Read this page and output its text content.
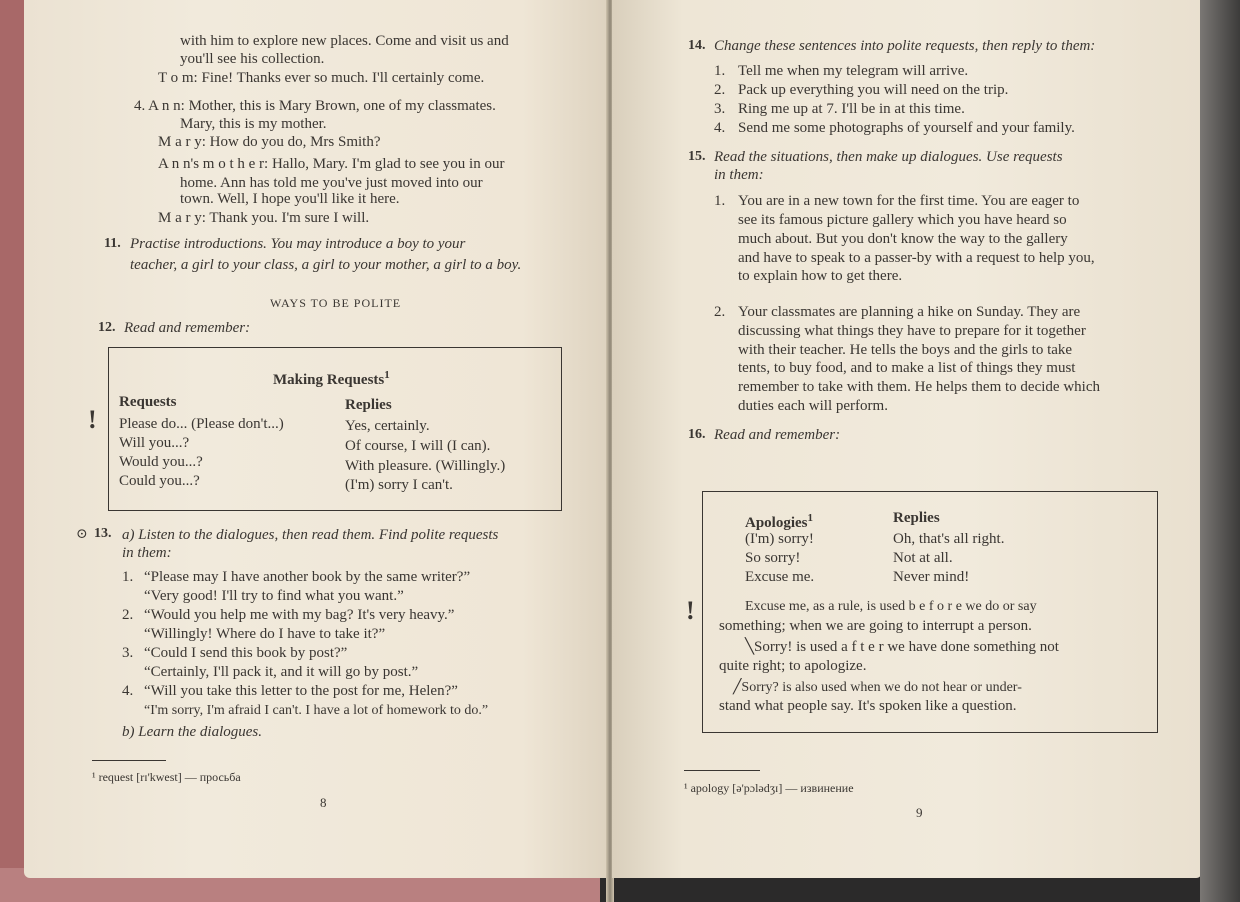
with him to explore new places. Come and visit us and
you'll see his collection.
T o m: Fine! Thanks ever so much. I'll certainly come.
4. A n n: Mother, this is Mary Brown, one of my classmates.
Mary, this is my mother.
M a r y: How do you do, Mrs Smith?
A n n's m o t h e r: Hallo, Mary. I'm glad to see you in our
home. Ann has told me you've just moved into our
town. Well, I hope you'll like it here.
M a r y: Thank you. I'm sure I will.
11. Practise introductions. You may introduce a boy to your
teacher, a girl to your class, a girl to your mother, a girl to a boy.
WAYS TO BE POLITE
12. Read and remember:
Making Requests$^1$
Requests	Replies
Please do... (Please don't...)
Will you...?
Would you...?
Could you...?
Yes, certainly.
Of course, I will (I can).
With pleasure. (Willingly.)
(I'm) sorry I can't.
!
⊙ 13. a) Listen to the dialogues, then read them. Find polite requests
in them:
1. “Please may I have another book by the same writer?”
“Very good! I'll try to find what you want.”
2. “Would you help me with my bag? It's very heavy.”
“Willingly! Where do I have to take it?”
3. “Could I send this book by post?”
“Certainly, I'll pack it, and it will go by post.”
4. “Will you take this letter to the post for me, Helen?”
“I'm sorry, I'm afraid I can't. I have a lot of homework to do.”
b) Learn the dialogues.
¹ request [rɪ'kwest] — просьба
8
14. Change these sentences into polite requests, then reply to them:
1. Tell me when my telegram will arrive.
2. Pack up everything you will need on the trip.
3. Ring me up at 7. I'll be in at this time.
4. Send me some photographs of yourself and your family.
15. Read the situations, then make up dialogues. Use requests
in them:
1. You are in a new town for the first time. You are eager to
see its famous picture gallery which you have heard so
much about. But you don't know the way to the gallery
and have to speak to a passer-by with a request to help you,
to explain how to get there.
2. Your classmates are planning a hike on Sunday. They are
discussing what things they have to prepare for it together
with their teacher. He tells the boys and the girls to take
tents, to buy food, and to make a list of things they must
remember to take with them. He helps them to decide which
duties each will perform.
16. Read and remember:
Apologies$^1$	Replies
(I'm) sorry!
So sorry!
Excuse me.
Oh, that's all right.
Not at all.
Never mind!
Excuse me, as a rule, is used b e f o r e we do or say
something; when we are going to interrupt a person.
╲Sorry! is used a f t e r we have done something not
quite right; to apologize.
╱Sorry? is also used when we do not hear or under-
stand what people say. It's spoken like a question.
!
¹ apology [ə'pɔlədʒɪ] — извинение
9
